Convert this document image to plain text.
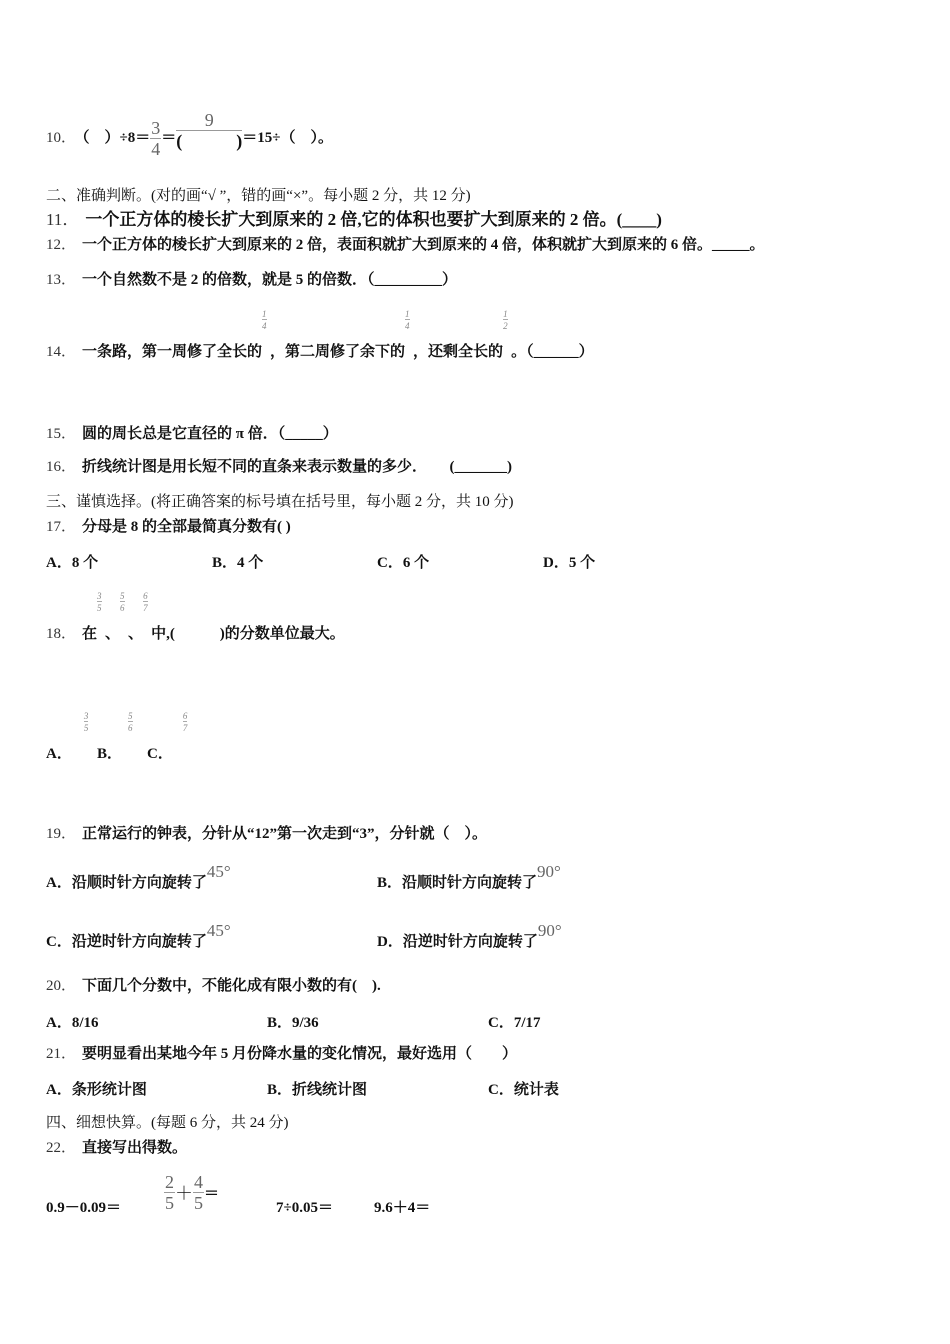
10． （　）$\div 8= \frac{3}{4} = \frac{9}{( )} =15\div$（　）。
二、准确判断。(对的画“√ ”，错的画“×”。每小题 2 分，共 12 分)
11． 一个正方体的棱长扩大到原来的 2 倍,它的体积也要扩大到原来的 2 倍。(____)
12． 一个正方体的棱长扩大到原来的 2 倍，表面积就扩大到原来的 4 倍，体积就扩大到原来的 6 倍。_____。
13． 一个自然数不是 2 的倍数，就是 5 的倍数．（_________）
14． 一条路，第一周修了全长的 $\frac{1}{4}$ ，第二周修了余下的 $\frac{1}{4}$ ，还剩全长的 $\frac{1}{2}$ 。（______）
15． 圆的周长总是它直径的 π 倍．（_____）
16． 折线统计图是用长短不同的直条来表示数量的多少．　　(_______)
三、谨慎选择。(将正确答案的标号填在括号里，每小题 2 分，共 10 分)
17． 分母是 8 的全部最简真分数有( )
A．8 个	B．4 个	C．6 个	D．5 个
18． 在 $\frac{3}{5}$ 、 $\frac{5}{6}$ 、 $\frac{6}{7}$ 中,(　　　)的分数单位最大。
A． $\frac{3}{5}$ B． $\frac{5}{6}$ C． $\frac{6}{7}$
19． 正常运行的钟表，分针从“12”第一次走到“3”，分针就（　）。
A．沿顺时针方向旋转了45°
B．沿顺时针方向旋转了90°
C．沿逆时针方向旋转了45°
D．沿逆时针方向旋转了90°
20． 下面几个分数中，不能化成有限小数的有(　).
A．8/16	B．9/36	C．7/17
21． 要明显看出某地今年 5 月份降水量的变化情况，最好选用（　　）
A．条形统计图	B．折线统计图	C．统计表
四、细想快算。(每题 6 分，共 24 分)
22． 直接写出得数。
$0.9-0.09= \frac{2}{5} + \frac{4}{5}$ ＝
7÷0.05＝	9.6＋4＝
